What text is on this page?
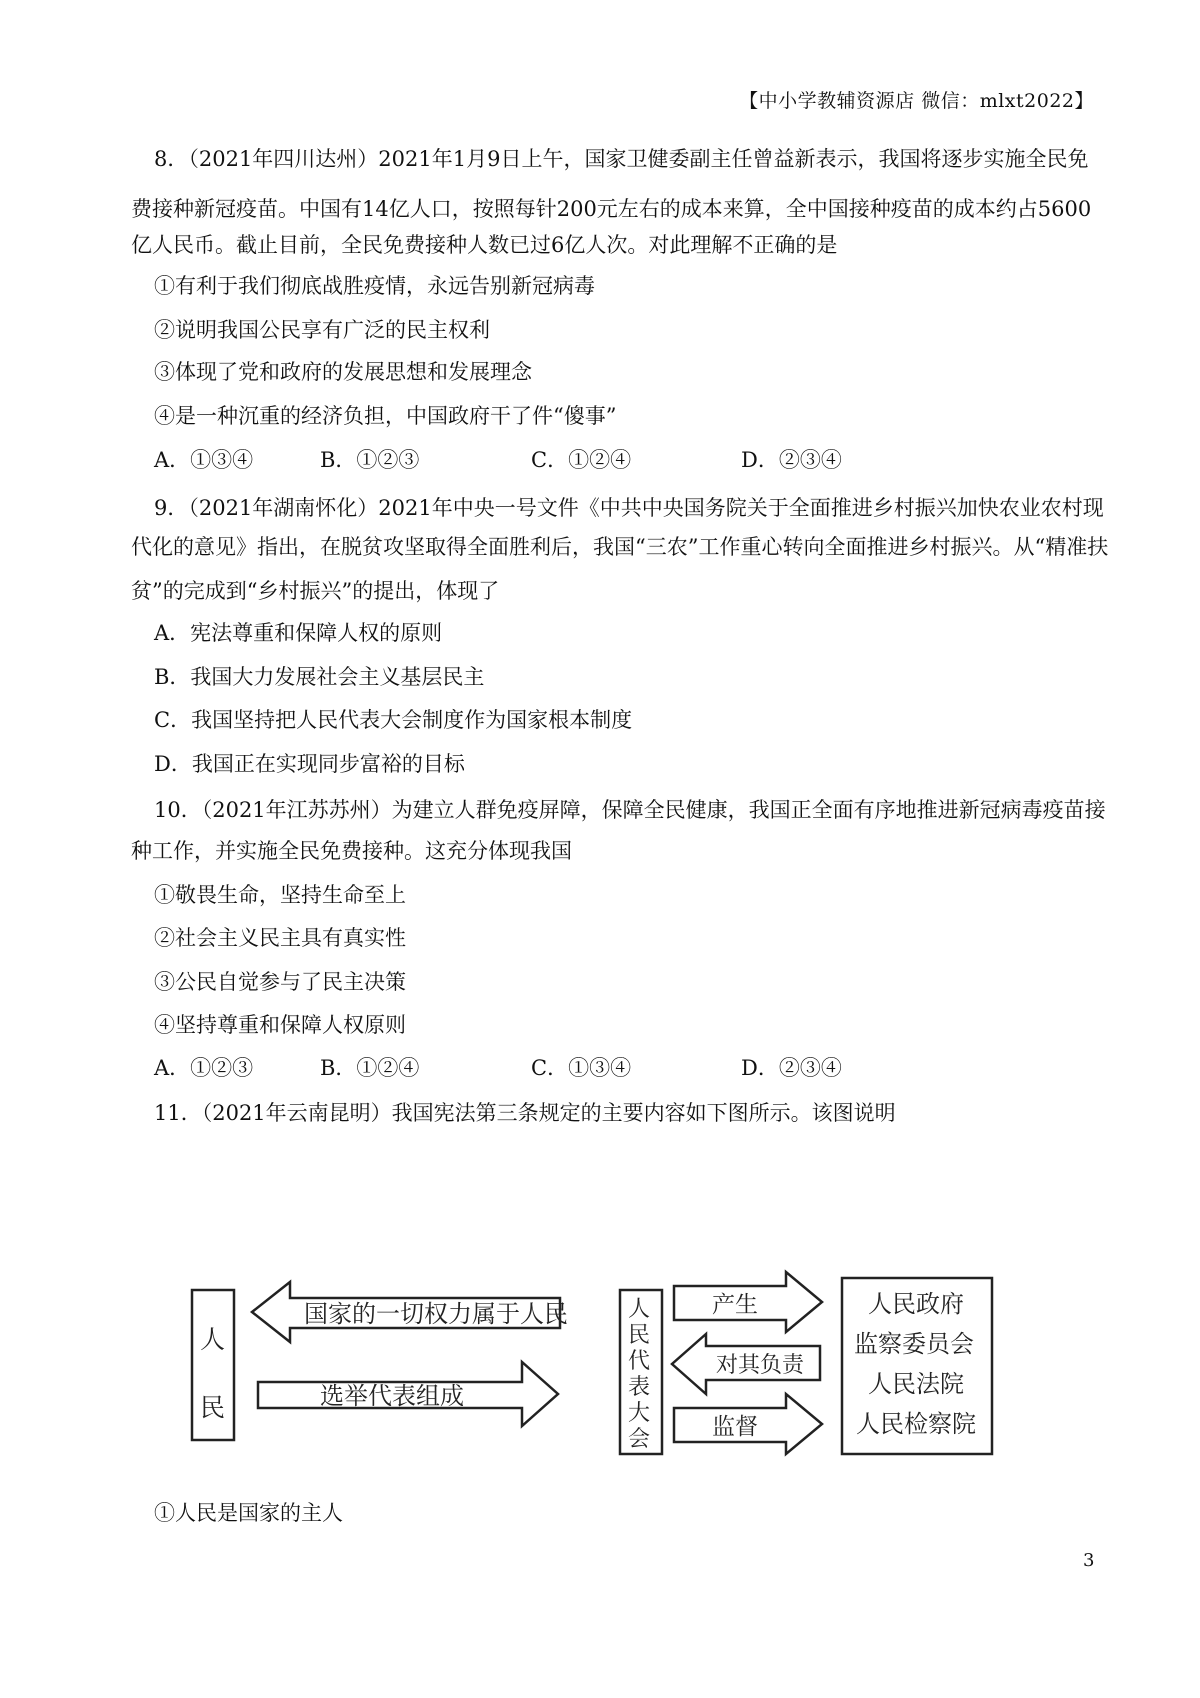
【中小学教辅资源店 微信：mlxt2022】
8．（2021年四川达州）2021年1月9日上午，国家卫健委副主任曾益新表示，我国将逐步实施全民免
费接种新冠疫苗。中国有14亿人口，按照每针200元左右的成本来算，全中国接种疫苗的成本约占5600
亿人民币。截止目前，全民免费接种人数已过6亿人次。对此理解不正确的是
①有利于我们彻底战胜疫情，永远告别新冠病毒
②说明我国公民享有广泛的民主权利
③体现了党和政府的发展思想和发展理念
④是一种沉重的经济负担，中国政府干了件“傻事”
A．①③④	B．①②③	C．①②④	D．②③④
9．（2021年湖南怀化）2021年中央一号文件《中共中央国务院关于全面推进乡村振兴加快农业农村现
代化的意见》指出，在脱贫攻坚取得全面胜利后，我国“三农”工作重心转向全面推进乡村振兴。从“精准扶
贫”的完成到“乡村振兴”的提出，体现了
A．宪法尊重和保障人权的原则
B．我国大力发展社会主义基层民主
C．我国坚持把人民代表大会制度作为国家根本制度
D．我国正在实现同步富裕的目标
10．（2021年江苏苏州）为建立人群免疫屏障，保障全民健康，我国正全面有序地推进新冠病毒疫苗接
种工作，并实施全民免费接种。这充分体现我国
①敬畏生命，坚持生命至上
②社会主义民主具有真实性
③公民自觉参与了民主决策
④坚持尊重和保障人权原则
A．①②③	B．①②④	C．①③④	D．②③④
11．（2021年云南昆明）我国宪法第三条规定的主要内容如下图所示。该图说明
人
民
国家的一切权力属于人民
选举代表组成
人
民
代
表
大
会
产生
对其负责
监督
人民政府
监察委员会
人民法院
人民检察院
①人民是国家的主人
3
